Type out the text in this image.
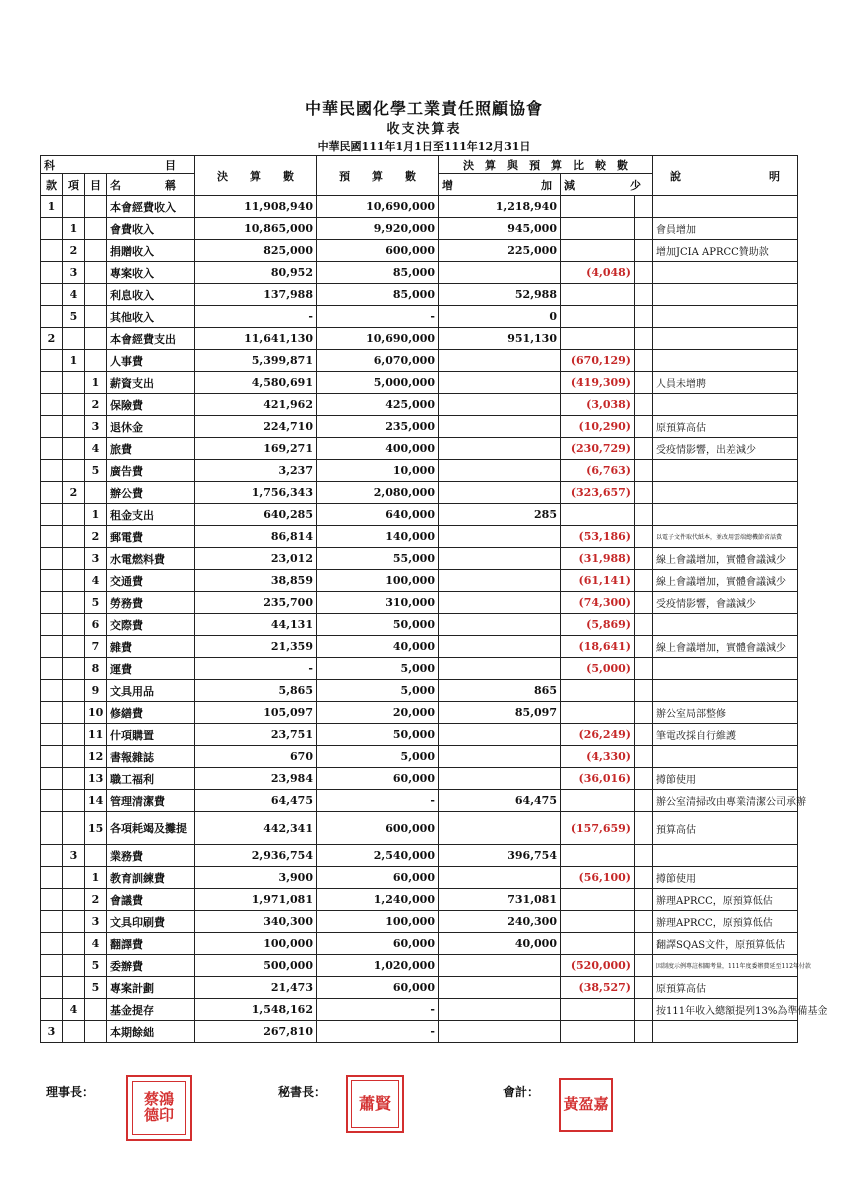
中華民國化學工業責任照顧協會
收支決算表
中華民國111年1月1日至111年12月31日
科　　　　　　　　　　目				決　　算　　數	預　　算　　數	決　算　與　預　算　比　較　數			說　　　　　　　　明
款	項	目	名　　　　稱			增　　　　　　　　加	減　　　　　少		
1			本會經費收入	11,908,940	10,690,000	1,218,940			
	1		會費收入	10,865,000	9,920,000	945,000			會員增加
	2		捐贈收入	825,000	600,000	225,000			增加JCIA APRCC贊助款
	3		專案收入	80,952	85,000		(4,048)		
	4		利息收入	137,988	85,000	52,988			
	5		其他收入	-	-	0			
2			本會經費支出	11,641,130	10,690,000	951,130			
	1		人事費	5,399,871	6,070,000		(670,129)		
		1	薪資支出	4,580,691	5,000,000		(419,309)		人員未增聘
		2	保險費	421,962	425,000		(3,038)		
		3	退休金	224,710	235,000		(10,290)		原預算高估
		4	旅費	169,271	400,000		(230,729)		受疫情影響，出差減少
		5	廣告費	3,237	10,000		(6,763)		
	2		辦公費	1,756,343	2,080,000		(323,657)		
		1	租金支出	640,285	640,000	285			
		2	郵電費	86,814	140,000		(53,186)		以電子文件取代紙本，並改用雲端總機節省話費
		3	水電燃料費	23,012	55,000		(31,988)		線上會議增加，實體會議減少
		4	交通費	38,859	100,000		(61,141)		線上會議增加，實體會議減少
		5	勞務費	235,700	310,000		(74,300)		受疫情影響，會議減少
		6	交際費	44,131	50,000		(5,869)		
		7	雜費	21,359	40,000		(18,641)		線上會議增加，實體會議減少
		8	運費	-	5,000		(5,000)		
		9	文具用品	5,865	5,000	865			
		10	修繕費	105,097	20,000	85,097			辦公室局部整修
		11	什項購置	23,751	50,000		(26,249)		筆電改採自行維護
		12	書報雜誌	670	5,000		(4,330)		
		13	職工福利	23,984	60,000		(36,016)		撙節使用
		14	管理清潔費	64,475	-	64,475			辦公室清掃改由專業清潔公司承辦
		15	各項耗竭及攤提	442,341	600,000		(157,659)		預算高估
	3		業務費	2,936,754	2,540,000	396,754			
		1	教育訓練費	3,900	60,000		(56,100)		撙節使用
		2	會議費	1,971,081	1,240,000	731,081			辦理APRCC，原預算低估
		3	文具印刷費	340,300	100,000	240,300			辦理APRCC，原預算低估
		4	翻譯費	100,000	60,000	40,000			翻譯SQAS文件，原預算低估
		5	委辦費	500,000	1,020,000		(520,000)		因制度示例專註相關考量，111年度委辦費延至112年付款
		5	專案計劃	21,473	60,000		(38,527)		原預算高估
	4		基金提存	1,548,162	-				按111年收入總額提列13%為準備基金
3			本期餘絀	267,810	-				
理事長：	蔡鴻德印
秘書長：
蕭賢
會計：
黃盈嘉
